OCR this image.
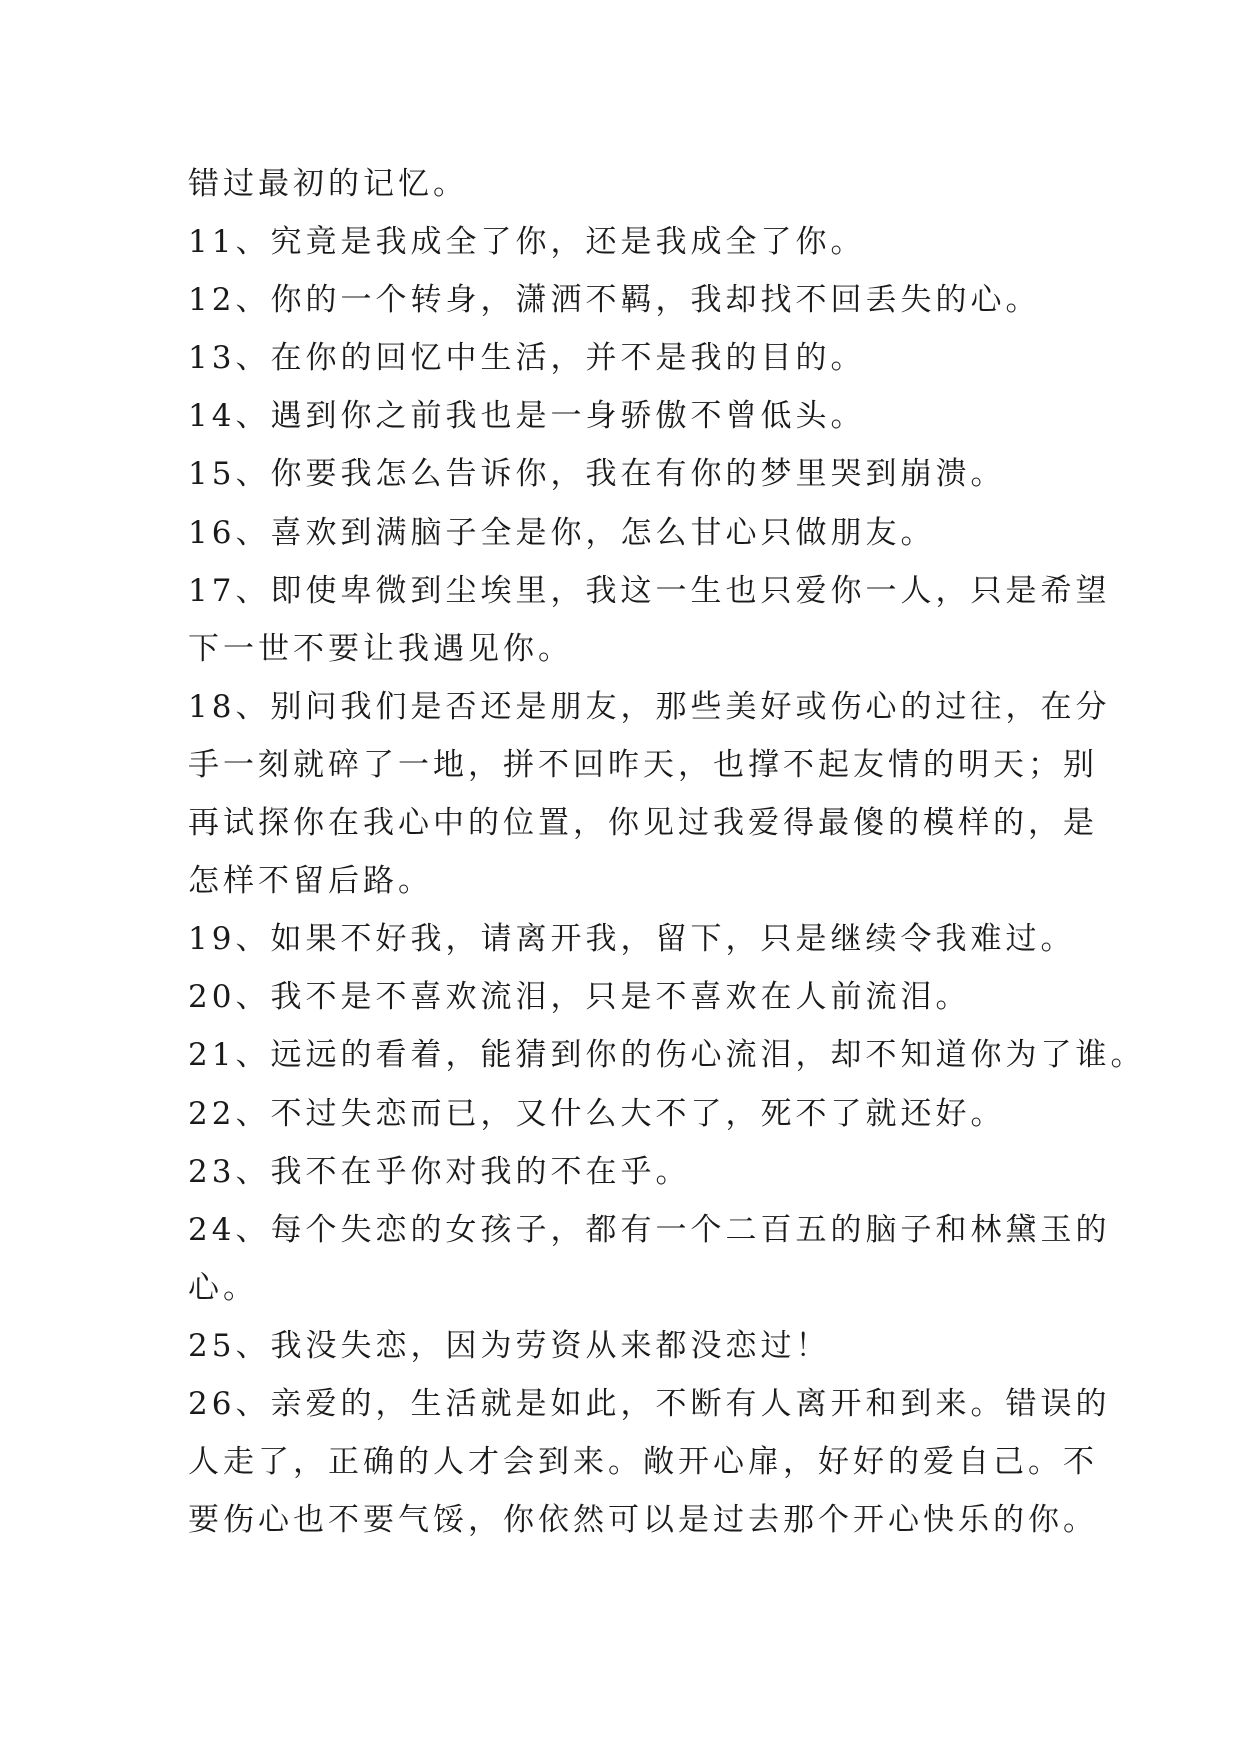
错过最初的记忆。
11、究竟是我成全了你，还是我成全了你。
12、你的一个转身，潇洒不羁，我却找不回丢失的心。
13、在你的回忆中生活，并不是我的目的。
14、遇到你之前我也是一身骄傲不曾低头。
15、你要我怎么告诉你，我在有你的梦里哭到崩溃。
16、喜欢到满脑子全是你，怎么甘心只做朋友。
17、即使卑微到尘埃里，我这一生也只爱你一人，只是希望
下一世不要让我遇见你。
18、别问我们是否还是朋友，那些美好或伤心的过往，在分
手一刻就碎了一地，拼不回昨天，也撑不起友情的明天；别
再试探你在我心中的位置，你见过我爱得最傻的模样的，是
怎样不留后路。
19、如果不好我，请离开我，留下，只是继续令我难过。
20、我不是不喜欢流泪，只是不喜欢在人前流泪。
21、远远的看着，能猜到你的伤心流泪，却不知道你为了谁。
22、不过失恋而已，又什么大不了，死不了就还好。
23、我不在乎你对我的不在乎。
24、每个失恋的女孩子，都有一个二百五的脑子和林黛玉的
心。
25、我没失恋，因为劳资从来都没恋过！
26、亲爱的，生活就是如此，不断有人离开和到来。错误的
人走了，正确的人才会到来。敞开心扉，好好的爱自己。不
要伤心也不要气馁，你依然可以是过去那个开心快乐的你。
